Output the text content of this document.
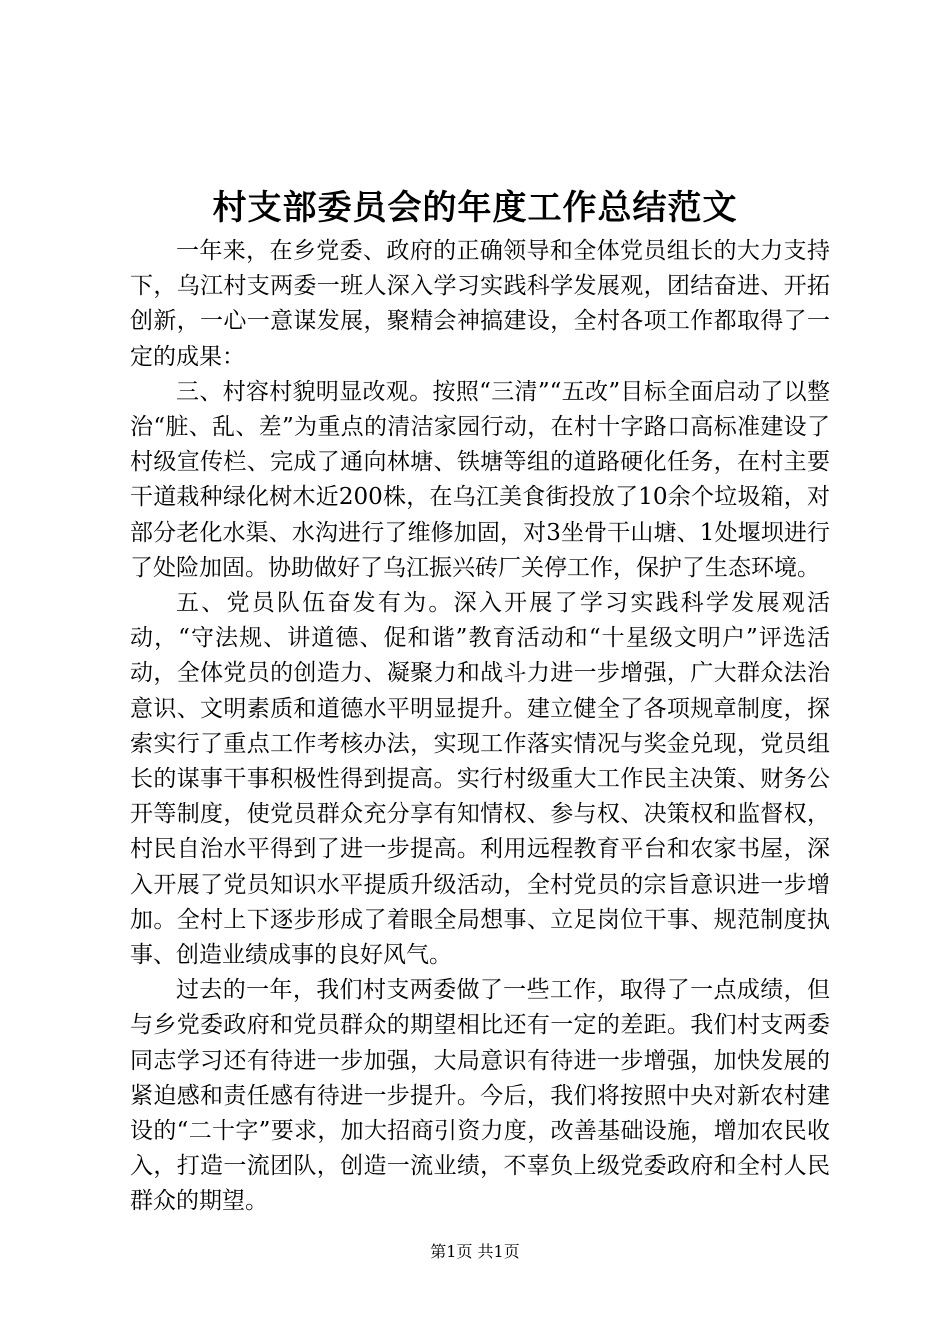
村支部委员会的年度工作总结范文

一年来，在乡党委、政府的正确领导和全体党员组长的大力支持下，乌江村支两委一班人深入学习实践科学发展观，团结奋进、开拓创新，一心一意谋发展，聚精会神搞建设，全村各项工作都取得了一定的成果：

三、村容村貌明显改观。按照“三清”“五改”目标全面启动了以整治“脏、乱、差”为重点的清洁家园行动，在村十字路口高标准建设了村级宣传栏、完成了通向林塘、铁塘等组的道路硬化任务，在村主要干道栽种绿化树木近200株，在乌江美食街投放了10余个垃圾箱，对部分老化水渠、水沟进行了维修加固，对3坐骨干山塘、1处堰坝进行了处险加固。协助做好了乌江振兴砖厂关停工作，保护了生态环境。

五、党员队伍奋发有为。深入开展了学习实践科学发展观活动，“守法规、讲道德、促和谐”教育活动和“十星级文明户”评选活动，全体党员的创造力、凝聚力和战斗力进一步增强，广大群众法治意识、文明素质和道德水平明显提升。建立健全了各项规章制度，探索实行了重点工作考核办法，实现工作落实情况与奖金兑现，党员组长的谋事干事积极性得到提高。实行村级重大工作民主决策、财务公开等制度，使党员群众充分享有知情权、参与权、决策权和监督权，村民自治水平得到了进一步提高。利用远程教育平台和农家书屋，深入开展了党员知识水平提质升级活动，全村党员的宗旨意识进一步增加。全村上下逐步形成了着眼全局想事、立足岗位干事、规范制度执事、创造业绩成事的良好风气。

过去的一年，我们村支两委做了一些工作，取得了一点成绩，但与乡党委政府和党员群众的期望相比还有一定的差距。我们村支两委同志学习还有待进一步加强，大局意识有待进一步增强，加快发展的紧迫感和责任感有待进一步提升。今后，我们将按照中央对新农村建设的“二十字”要求，加大招商引资力度，改善基础设施，增加农民收入，打造一流团队，创造一流业绩，不辜负上级党委政府和全村人民群众的期望。

第1页 共1页
